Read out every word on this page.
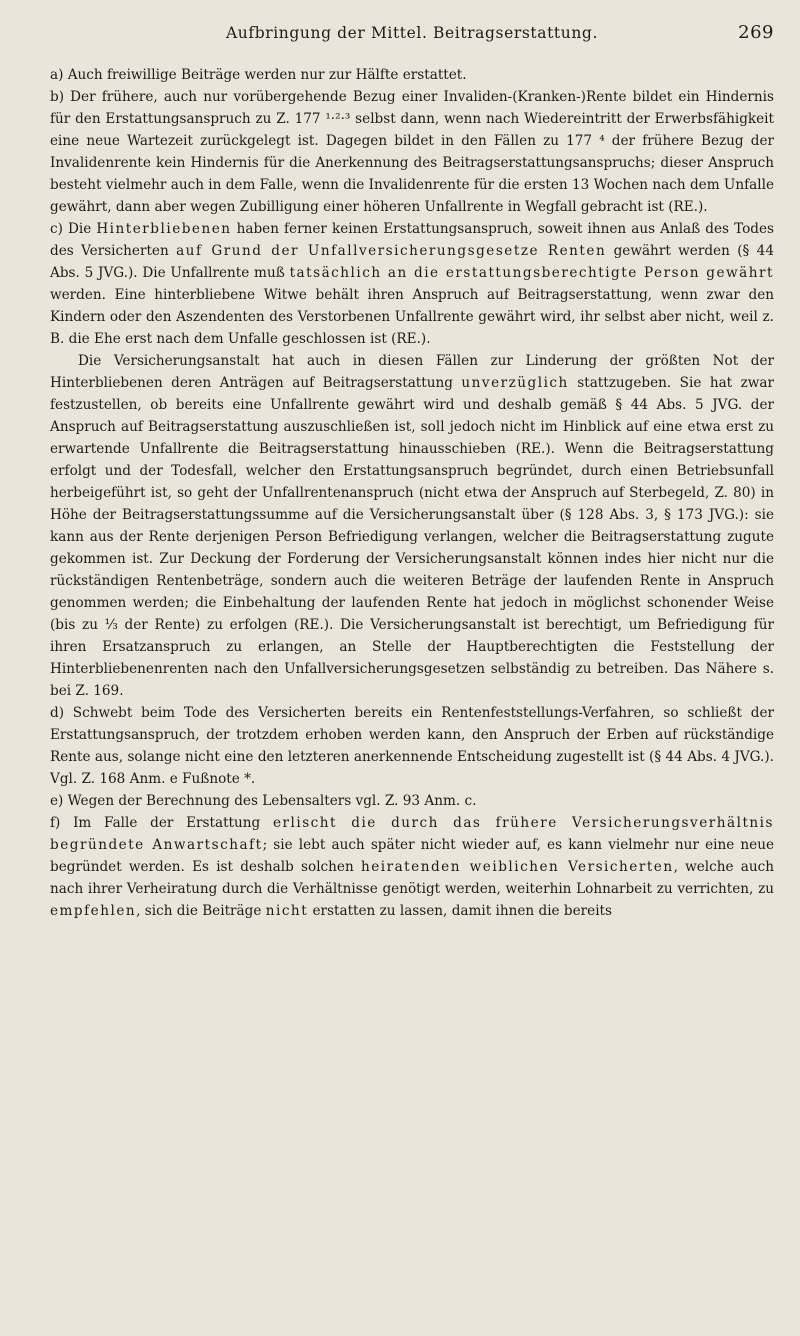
Aufbringung der Mittel. Beitragserstattung.	269

a) Auch freiwillige Beiträge werden nur zur Hälfte erstattet.

b) Der frühere, auch nur vorübergehende Bezug einer Invaliden-(Kranken-)Rente bildet ein Hindernis für den Erstattungsanspruch zu Z. 177 ¹·²·³ selbst dann, wenn nach Wiedereintritt der Erwerbsfähigkeit eine neue Wartezeit zurückgelegt ist. Dagegen bildet in den Fällen zu 177 ⁴ der frühere Bezug der Invalidenrente kein Hindernis für die Anerkennung des Beitragserstattungsanspruchs; dieser Anspruch besteht vielmehr auch in dem Falle, wenn die Invalidenrente für die ersten 13 Wochen nach dem Unfalle gewährt, dann aber wegen Zubilligung einer höheren Unfallrente in Wegfall gebracht ist (RE.).

c) Die Hinterbliebenen haben ferner keinen Erstattungsanspruch, soweit ihnen aus Anlaß des Todes des Versicherten auf Grund der Unfallversicherungsgesetze Renten gewährt werden (§ 44 Abs. 5 JVG.). Die Unfallrente muß tatsächlich an die erstattungsberechtigte Person gewährt werden. Eine hinterbliebene Witwe behält ihren Anspruch auf Beitragserstattung, wenn zwar den Kindern oder den Aszendenten des Verstorbenen Unfallrente gewährt wird, ihr selbst aber nicht, weil z. B. die Ehe erst nach dem Unfalle geschlossen ist (RE.).

Die Versicherungsanstalt hat auch in diesen Fällen zur Linderung der größten Not der Hinterbliebenen deren Anträgen auf Beitragserstattung unverzüglich stattzugeben. Sie hat zwar festzustellen, ob bereits eine Unfallrente gewährt wird und deshalb gemäß § 44 Abs. 5 JVG. der Anspruch auf Beitragserstattung auszuschließen ist, soll jedoch nicht im Hinblick auf eine etwa erst zu erwartende Unfallrente die Beitragserstattung hinausschieben (RE.). Wenn die Beitragserstattung erfolgt und der Todesfall, welcher den Erstattungsanspruch begründet, durch einen Betriebsunfall herbeigeführt ist, so geht der Unfallrentenanspruch (nicht etwa der Anspruch auf Sterbegeld, Z. 80) in Höhe der Beitragserstattungssumme auf die Versicherungsanstalt über (§ 128 Abs. 3, § 173 JVG.): sie kann aus der Rente derjenigen Person Befriedigung verlangen, welcher die Beitragserstattung zugute gekommen ist. Zur Deckung der Forderung der Versicherungsanstalt können indes hier nicht nur die rückständigen Rentenbeträge, sondern auch die weiteren Beträge der laufenden Rente in Anspruch genommen werden; die Einbehaltung der laufenden Rente hat jedoch in möglichst schonender Weise (bis zu ⅓ der Rente) zu erfolgen (RE.). Die Versicherungsanstalt ist berechtigt, um Befriedigung für ihren Ersatzanspruch zu erlangen, an Stelle der Hauptberechtigten die Feststellung der Hinterbliebenenrenten nach den Unfallversicherungsgesetzen selbständig zu betreiben. Das Nähere s. bei Z. 169.

d) Schwebt beim Tode des Versicherten bereits ein Rentenfeststellungs-Verfahren, so schließt der Erstattungsanspruch, der trotzdem erhoben werden kann, den Anspruch der Erben auf rückständige Rente aus, solange nicht eine den letzteren anerkennende Entscheidung zugestellt ist (§ 44 Abs. 4 JVG.). Vgl. Z. 168 Anm. e Fußnote *.

e) Wegen der Berechnung des Lebensalters vgl. Z. 93 Anm. c.

f) Im Falle der Erstattung erlischt die durch das frühere Versicherungsverhältnis begründete Anwartschaft; sie lebt auch später nicht wieder auf, es kann vielmehr nur eine neue begründet werden. Es ist deshalb solchen heiratenden weiblichen Versicherten, welche auch nach ihrer Verheiratung durch die Verhältnisse genötigt werden, weiterhin Lohnarbeit zu verrichten, zu empfehlen, sich die Beiträge nicht erstatten zu lassen, damit ihnen die bereits
